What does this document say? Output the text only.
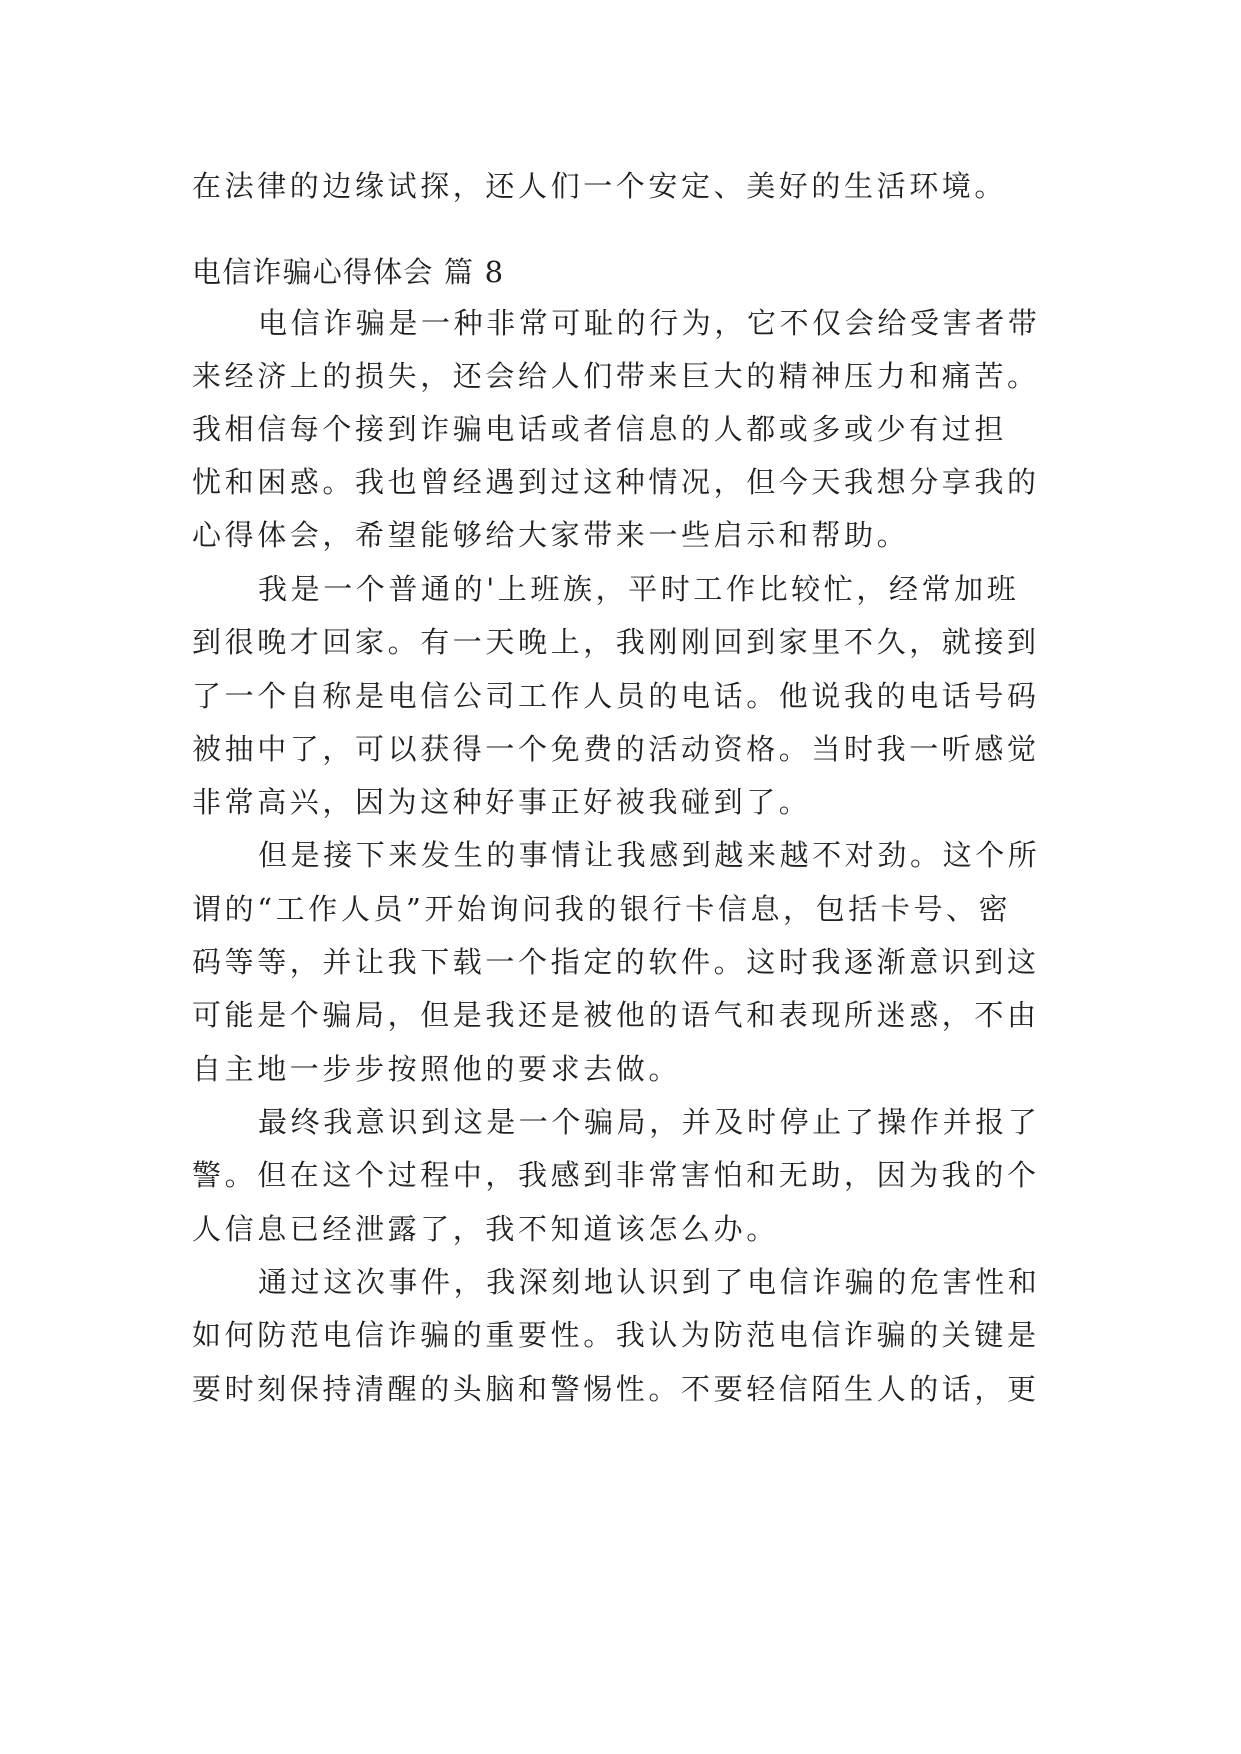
在法律的边缘试探，还人们一个安定、美好的生活环境。
电信诈骗心得体会 篇 8
电信诈骗是一种非常可耻的行为，它不仅会给受害者带
来经济上的损失，还会给人们带来巨大的精神压力和痛苦。
我相信每个接到诈骗电话或者信息的人都或多或少有过担
忧和困惑。我也曾经遇到过这种情况，但今天我想分享我的
心得体会，希望能够给大家带来一些启示和帮助。
我是一个普通的'上班族，平时工作比较忙，经常加班
到很晚才回家。有一天晚上，我刚刚回到家里不久，就接到
了一个自称是电信公司工作人员的电话。他说我的电话号码
被抽中了，可以获得一个免费的活动资格。当时我一听感觉
非常高兴，因为这种好事正好被我碰到了。
但是接下来发生的事情让我感到越来越不对劲。这个所
谓的“工作人员”开始询问我的银行卡信息，包括卡号、密
码等等，并让我下载一个指定的软件。这时我逐渐意识到这
可能是个骗局，但是我还是被他的语气和表现所迷惑，不由
自主地一步步按照他的要求去做。
最终我意识到这是一个骗局，并及时停止了操作并报了
警。但在这个过程中，我感到非常害怕和无助，因为我的个
人信息已经泄露了，我不知道该怎么办。
通过这次事件，我深刻地认识到了电信诈骗的危害性和
如何防范电信诈骗的重要性。我认为防范电信诈骗的关键是
要时刻保持清醒的头脑和警惕性。不要轻信陌生人的话，更
